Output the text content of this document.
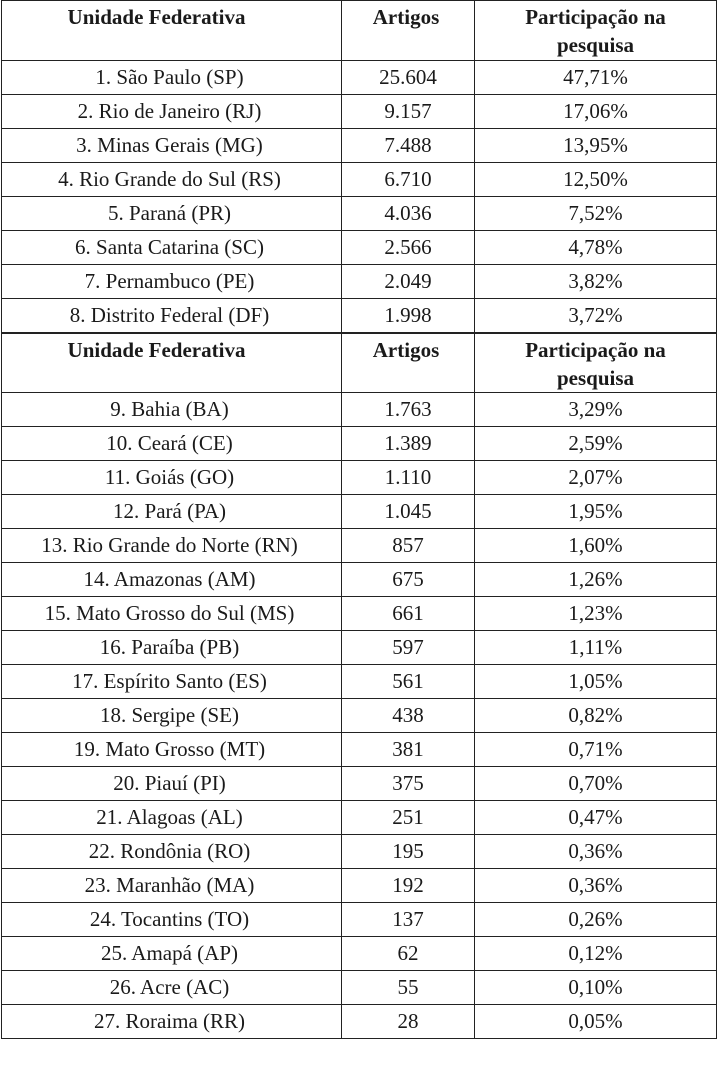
Unidade Federativa	Artigos	Participação na
pesquisa
1. São Paulo (SP)	25.604	47,71%
2. Rio de Janeiro (RJ)	9.157	17,06%
3. Minas Gerais (MG)	7.488	13,95%
4. Rio Grande do Sul (RS)	6.710	12,50%
5. Paraná (PR)	4.036	7,52%
6. Santa Catarina (SC)	2.566	4,78%
7. Pernambuco (PE)	2.049	3,82%
8. Distrito Federal (DF)	1.998	3,72%
Unidade Federativa	Artigos	Participação na
pesquisa
9. Bahia (BA)	1.763	3,29%
10. Ceará (CE)	1.389	2,59%
11. Goiás (GO)	1.110	2,07%
12. Pará (PA)	1.045	1,95%
13. Rio Grande do Norte (RN)	857	1,60%
14. Amazonas (AM)	675	1,26%
15. Mato Grosso do Sul (MS)	661	1,23%
16. Paraíba (PB)	597	1,11%
17. Espírito Santo (ES)	561	1,05%
18. Sergipe (SE)	438	0,82%
19. Mato Grosso (MT)	381	0,71%
20. Piauí (PI)	375	0,70%
21. Alagoas (AL)	251	0,47%
22. Rondônia (RO)	195	0,36%
23. Maranhão (MA)	192	0,36%
24. Tocantins (TO)	137	0,26%
25. Amapá (AP)	62	0,12%
26. Acre (AC)	55	0,10%
27. Roraima (RR)	28	0,05%
